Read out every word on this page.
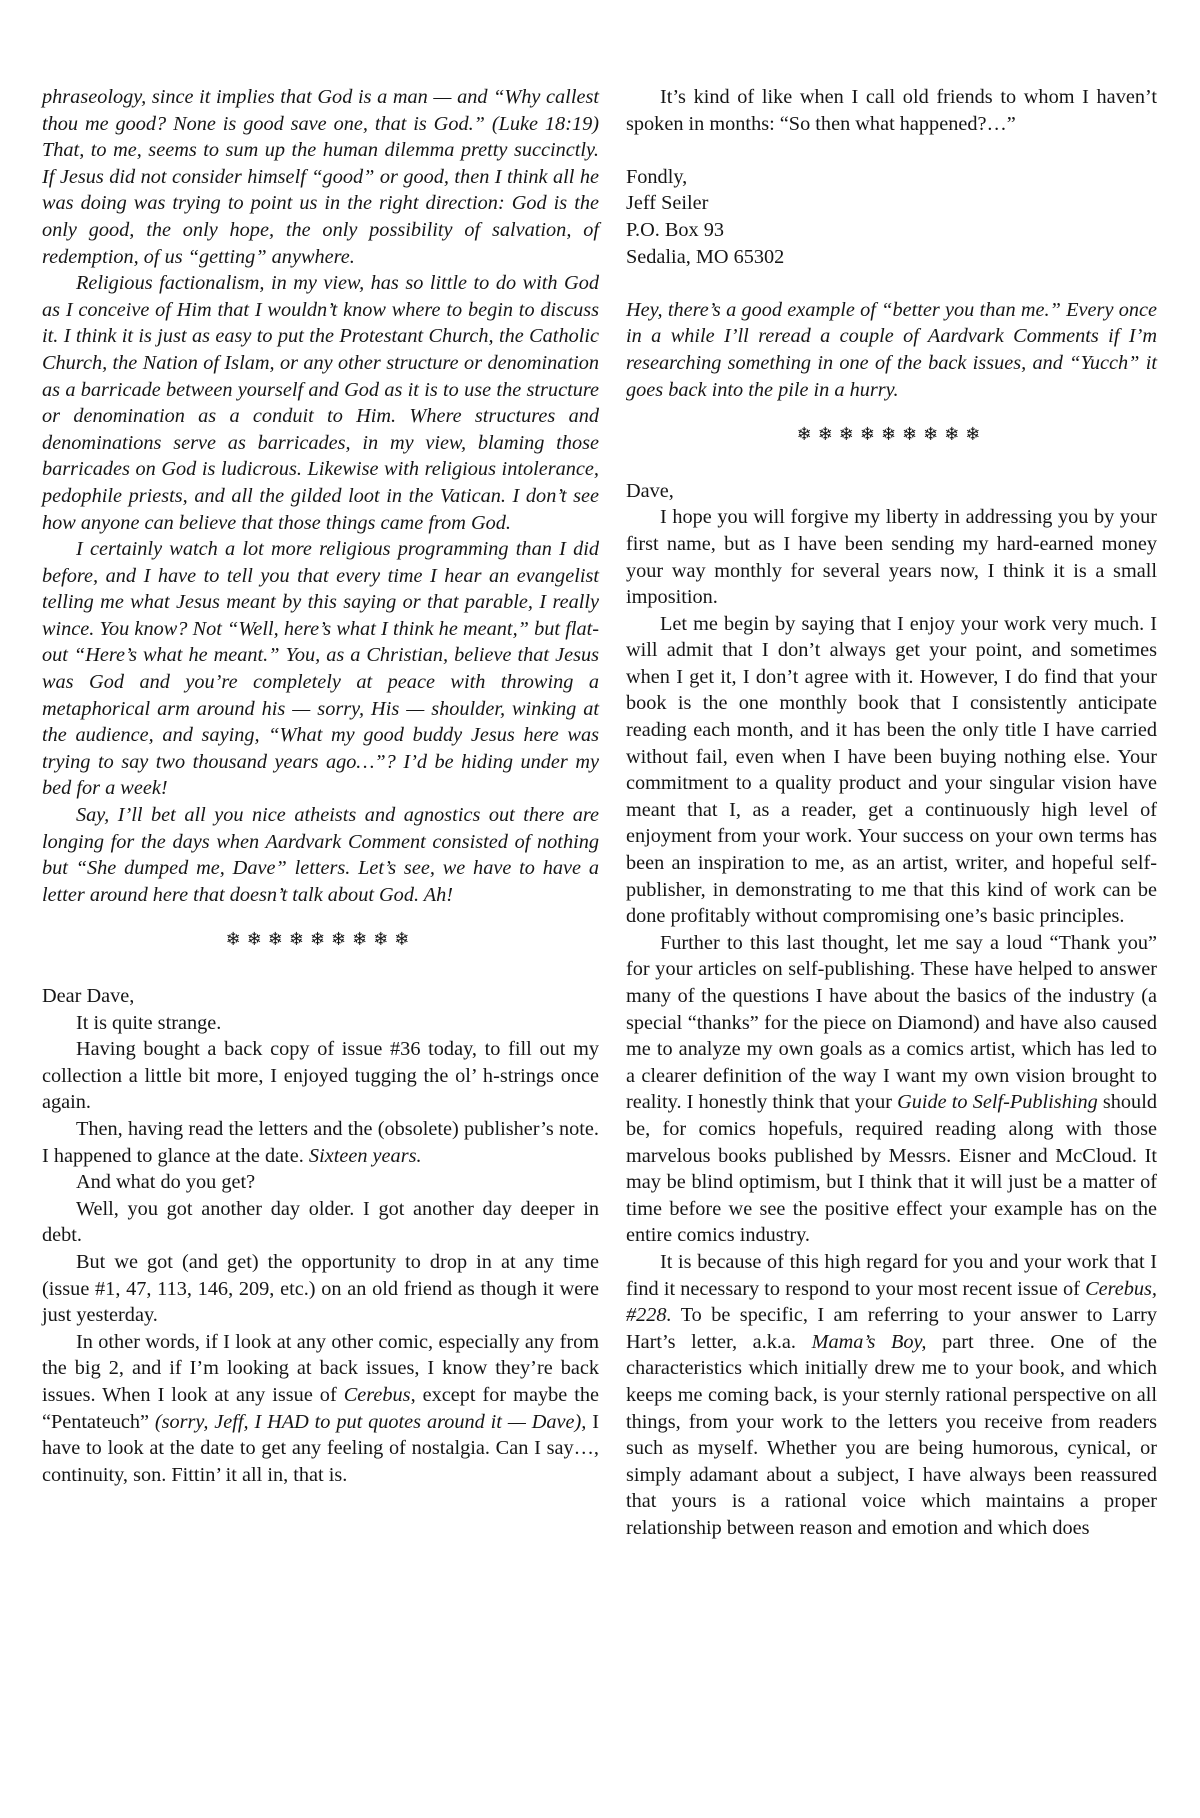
phraseology, since it implies that God is a man — and “Why callest thou me good? None is good save one, that is God.” (Luke 18:19) That, to me, seems to sum up the human dilemma pretty succinctly. If Jesus did not consider himself “good” or good, then I think all he was doing was trying to point us in the right direction: God is the only good, the only hope, the only possibility of salvation, of redemption, of us “getting” anywhere.

Religious factionalism, in my view, has so little to do with God as I conceive of Him that I wouldn’t know where to begin to discuss it. I think it is just as easy to put the Protestant Church, the Catholic Church, the Nation of Islam, or any other structure or denomination as a barricade between yourself and God as it is to use the structure or denomination as a conduit to Him. Where structures and denominations serve as barricades, in my view, blaming those barricades on God is ludicrous. Likewise with religious intolerance, pedophile priests, and all the gilded loot in the Vatican. I don’t see how anyone can believe that those things came from God.

I certainly watch a lot more religious programming than I did before, and I have to tell you that every time I hear an evangelist telling me what Jesus meant by this saying or that parable, I really wince. You know? Not “Well, here’s what I think he meant,” but flat-out “Here’s what he meant.” You, as a Christian, believe that Jesus was God and you’re completely at peace with throwing a metaphorical arm around his — sorry, His — shoulder, winking at the audience, and saying, “What my good buddy Jesus here was trying to say two thousand years ago…”? I’d be hiding under my bed for a week!

Say, I’ll bet all you nice atheists and agnostics out there are longing for the days when Aardvark Comment consisted of nothing but “She dumped me, Dave” letters. Let’s see, we have to have a letter around here that doesn’t talk about God. Ah!

❄❄❄❄❄❄❄❄❄

Dear Dave,

It is quite strange.

Having bought a back copy of issue #36 today, to fill out my collection a little bit more, I enjoyed tugging the ol’ h-strings once again.

Then, having read the letters and the (obsolete) publisher’s note. I happened to glance at the date. Sixteen years.

And what do you get?

Well, you got another day older. I got another day deeper in debt.

But we got (and get) the opportunity to drop in at any time (issue #1, 47, 113, 146, 209, etc.) on an old friend as though it were just yesterday.

In other words, if I look at any other comic, especially any from the big 2, and if I’m looking at back issues, I know they’re back issues. When I look at any issue of Cerebus, except for maybe the “Pentateuch” (sorry, Jeff, I HAD to put quotes around it — Dave), I have to look at the date to get any feeling of nostalgia. Can I say…, continuity, son. Fittin’ it all in, that is.

It’s kind of like when I call old friends to whom I haven’t spoken in months: “So then what happened?…”

Fondly,

Jeff Seiler

P.O. Box 93

Sedalia, MO 65302

Hey, there’s a good example of “better you than me.” Every once in a while I’ll reread a couple of Aardvark Comments if I’m researching something in one of the back issues, and “Yucch” it goes back into the pile in a hurry.

❄❄❄❄❄❄❄❄❄

Dave,

I hope you will forgive my liberty in addressing you by your first name, but as I have been sending my hard-earned money your way monthly for several years now, I think it is a small imposition.

Let me begin by saying that I enjoy your work very much. I will admit that I don’t always get your point, and sometimes when I get it, I don’t agree with it. However, I do find that your book is the one monthly book that I consistently anticipate reading each month, and it has been the only title I have carried without fail, even when I have been buying nothing else. Your commitment to a quality product and your singular vision have meant that I, as a reader, get a continuously high level of enjoyment from your work. Your success on your own terms has been an inspiration to me, as an artist, writer, and hopeful self-publisher, in demonstrating to me that this kind of work can be done profitably without compromising one’s basic principles.

Further to this last thought, let me say a loud “Thank you” for your articles on self-publishing. These have helped to answer many of the questions I have about the basics of the industry (a special “thanks” for the piece on Diamond) and have also caused me to analyze my own goals as a comics artist, which has led to a clearer definition of the way I want my own vision brought to reality. I honestly think that your Guide to Self-Publishing should be, for comics hopefuls, required reading along with those marvelous books published by Messrs. Eisner and McCloud. It may be blind optimism, but I think that it will just be a matter of time before we see the positive effect your example has on the entire comics industry.

It is because of this high regard for you and your work that I find it necessary to respond to your most recent issue of Cerebus, #228. To be specific, I am referring to your answer to Larry Hart’s letter, a.k.a. Mama’s Boy, part three. One of the characteristics which initially drew me to your book, and which keeps me coming back, is your sternly rational perspective on all things, from your work to the letters you receive from readers such as myself. Whether you are being humorous, cynical, or simply adamant about a subject, I have always been reassured that yours is a rational voice which maintains a proper relationship between reason and emotion and which does
